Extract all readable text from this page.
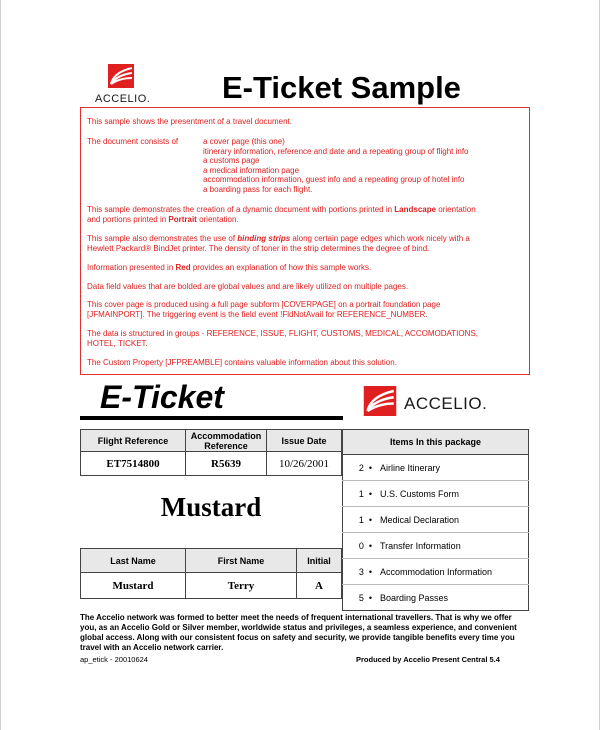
ACCELIO. E-Ticket Sample
This sample shows the presentment of a travel document.
The document consists of	a cover page (this one)
itinerary information, reference and date and a repeating group of flight info
a customs page
a medical information page
accommodation information, guest info and a repeating group of hotel info
a boarding pass for each flight.
This sample demonstrates the creation of a dynamic document with portions printed in Landscape orientation
and portions printed in Portrait orientation.
This sample also demonstrates the use of binding strips along certain page edges which work nicely with a
Hewlett Packard® BindJet printer. The density of toner in the strip determines the degree of bind.
Information presented in Red provides an explanation of how this sample works.
Data field values that are bolded are global values and are likely utilized on multiple pages.
This cover page is produced using a full page subform [COVERPAGE] on a portrait foundation page
[JFMAINPORT]. The triggering event is the field event !FldNotAvail for REFERENCE_NUMBER.
The data is structured in groups - REFERENCE, ISSUE, FLIGHT, CUSTOMS, MEDICAL, ACCOMODATIONS,
HOTEL, TICKET.
The Custom Property [JFPREAMBLE] contains valuable information about this solution.
E-Ticket	ACCELIO.
Flight Reference	Accommodation Reference	Issue Date
ET7514800	R5639	10/26/2001
Mustard
Last Name	First Name	Initial
Mustard	Terry	A
Items In this package	
2  •	Airline Itinerary
1  •	U.S. Customs Form
1  •	Medical Declaration
0  •	Transfer Information
3  •	Accommodation Information
5  •	Boarding Passes
The Accelio network was formed to better meet the needs of frequent international travellers. That is why we offer you, as an Accelio Gold or Silver member, worldwide status and privileges, a seamless experience, and convenient global access. Along with our consistent focus on safety and security, we provide tangible benefits every time you travel with an Accelio network carrier.
ap_etick - 20010624	Produced by Accelio Present Central 5.4
